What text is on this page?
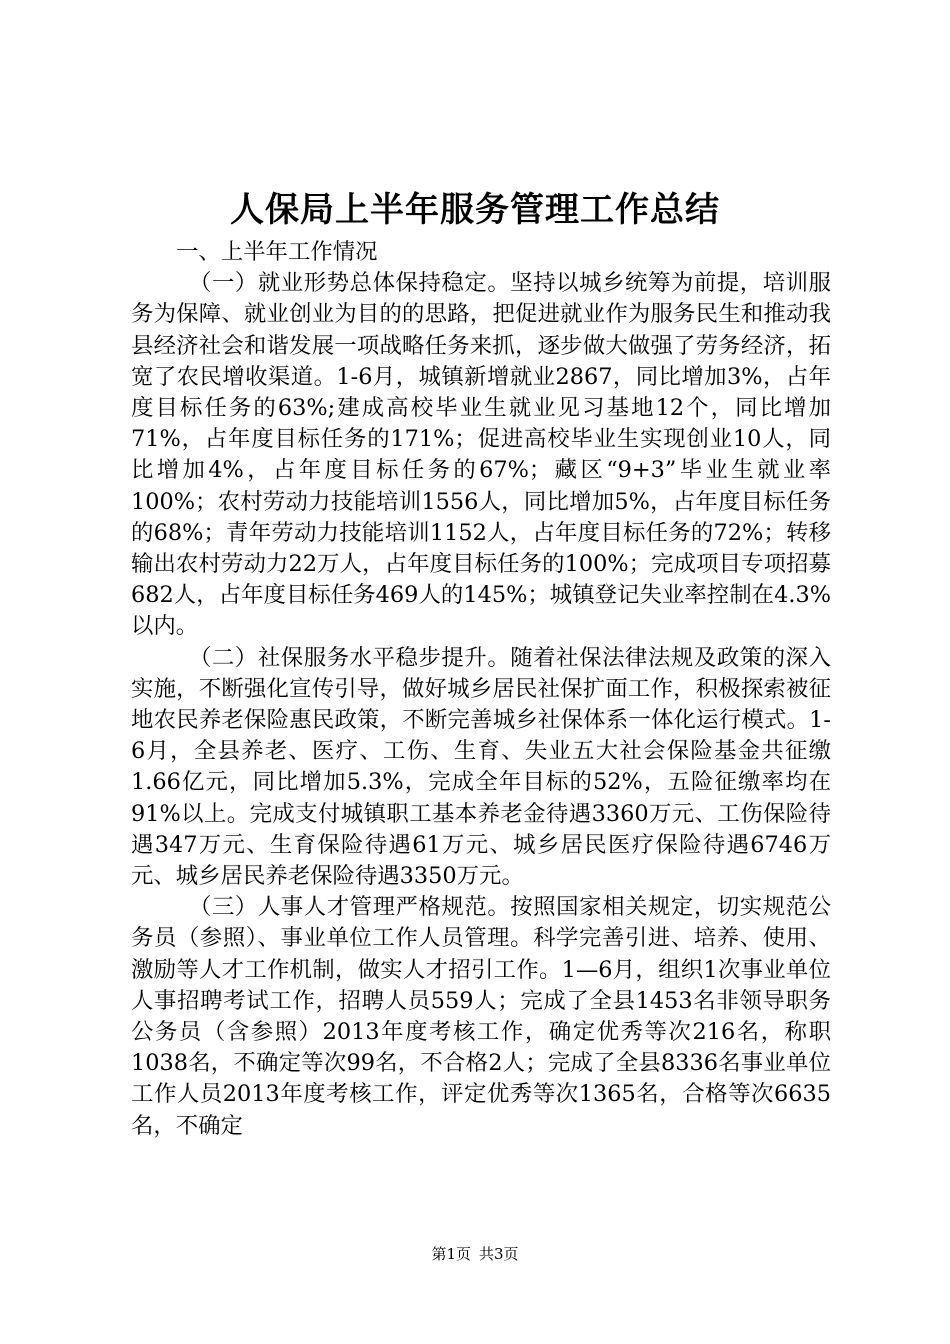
人保局上半年服务管理工作总结

一、上半年工作情况

（一）就业形势总体保持稳定。坚持以城乡统筹为前提，培训服务为保障、就业创业为目的的思路，把促进就业作为服务民生和推动我县经济社会和谐发展一项战略任务来抓，逐步做大做强了劳务经济，拓宽了农民增收渠道。1-6月，城镇新增就业2867，同比增加3%，占年度目标任务的63%;建成高校毕业生就业见习基地12个，同比增加71%，占年度目标任务的171%；促进高校毕业生实现创业10人，同比增加4%，占年度目标任务的67%；藏区“9+3”毕业生就业率100%；农村劳动力技能培训1556人，同比增加5%，占年度目标任务的68%；青年劳动力技能培训1152人，占年度目标任务的72%；转移输出农村劳动力22万人，占年度目标任务的100%；完成项目专项招募682人，占年度目标任务469人的145%；城镇登记失业率控制在4.3%以内。

（二）社保服务水平稳步提升。随着社保法律法规及政策的深入实施，不断强化宣传引导，做好城乡居民社保扩面工作，积极探索被征地农民养老保险惠民政策，不断完善城乡社保体系一体化运行模式。1-6月，全县养老、医疗、工伤、生育、失业五大社会保险基金共征缴1.66亿元，同比增加5.3%，完成全年目标的52%，五险征缴率均在91%以上。完成支付城镇职工基本养老金待遇3360万元、工伤保险待遇347万元、生育保险待遇61万元、城乡居民医疗保险待遇6746万元、城乡居民养老保险待遇3350万元。

（三）人事人才管理严格规范。按照国家相关规定，切实规范公务员（参照）、事业单位工作人员管理。科学完善引进、培养、使用、激励等人才工作机制，做实人才招引工作。1—6月，组织1次事业单位人事招聘考试工作，招聘人员559人；完成了全县1453名非领导职务公务员（含参照）2013年度考核工作，确定优秀等次216名，称职1038名，不确定等次99名，不合格2人；完成了全县8336名事业单位工作人员2013年度考核工作，评定优秀等次1365名，合格等次6635名，不确定

第1页 共3页
